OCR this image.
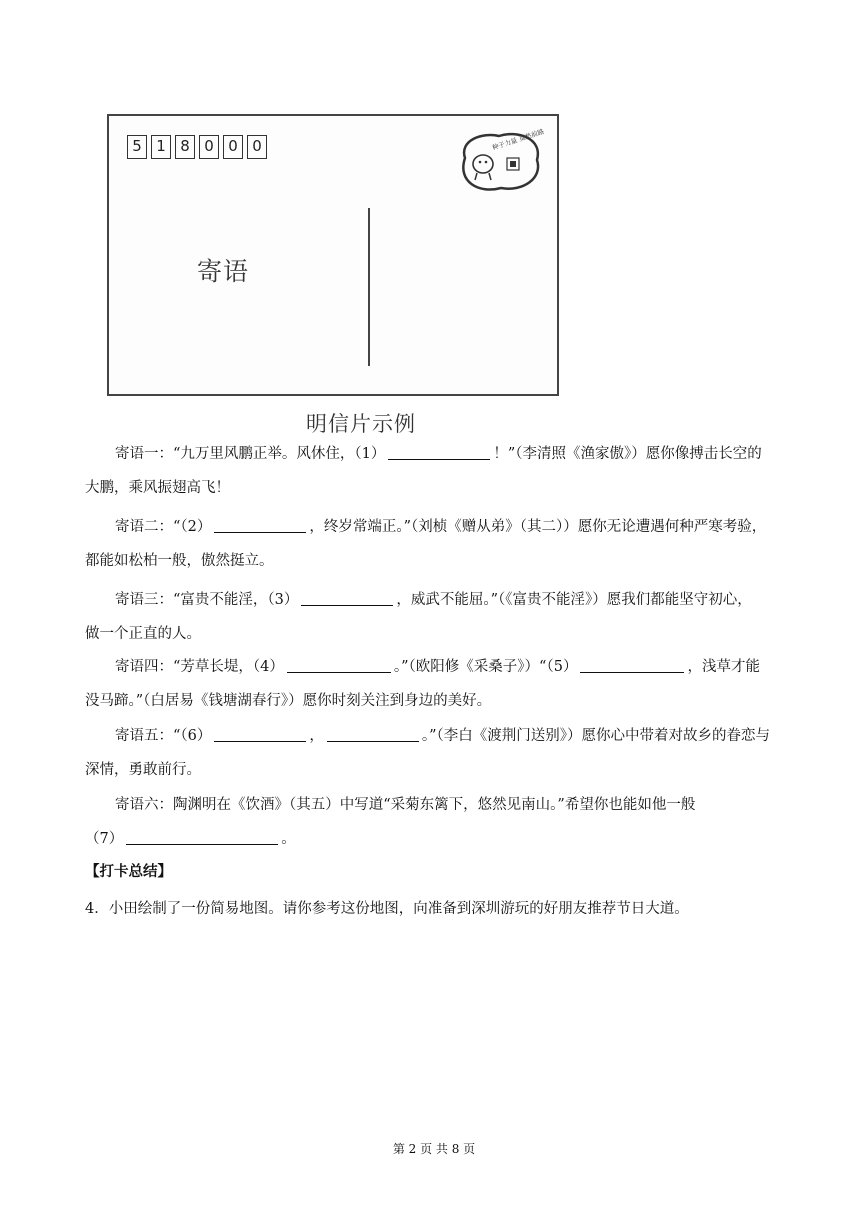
5 1 8 0 0 0	种子力量 莫愁前路
寄语
明信片示例
寄语一：“九万里风鹏正举。风休住，（1）	！”（李清照《渔家傲》）愿你像搏击长空的
大鹏，乘风振翅高飞！
寄语二：“（2）	，终岁常端正。”（刘桢《赠从弟》（其二））愿你无论遭遇何种严寒考验，
都能如松柏一般，傲然挺立。
寄语三：“富贵不能淫，（3）	，威武不能屈。”（《富贵不能淫》）愿我们都能坚守初心，
做一个正直的人。
寄语四：“芳草长堤，（4）	。”（欧阳修《采桑子》）“（5）	，浅草才能
没马蹄。”（白居易《钱塘湖春行》）愿你时刻关注到身边的美好。
寄语五：“（6）	，	。”（李白《渡荆门送别》）愿你心中带着对故乡的眷恋与
深情，勇敢前行。
寄语六：陶渊明在《饮酒》（其五）中写道“采菊东篱下，悠然见南山。”希望你也能如他一般
（7）	。
【打卡总结】
4．小田绘制了一份简易地图。请你参考这份地图，向准备到深圳游玩的好朋友推荐节日大道。
第 2 页 共 8 页
